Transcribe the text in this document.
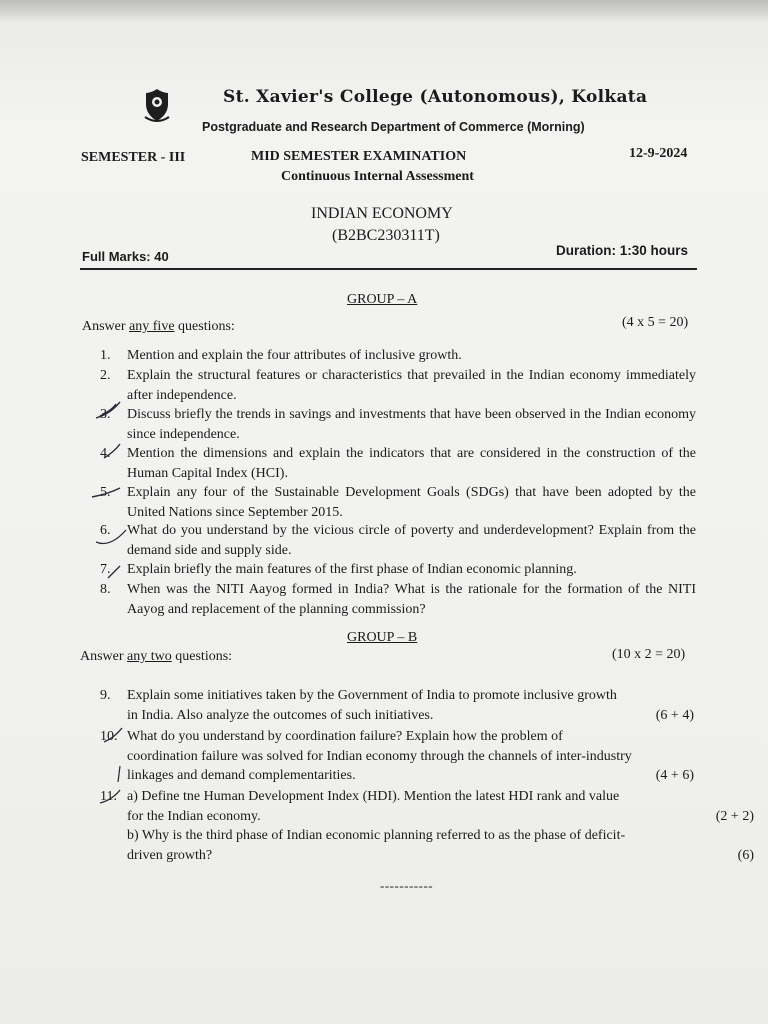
St. Xavier's College (Autonomous), Kolkata
Postgraduate and Research Department of Commerce (Morning)
SEMESTER - III	MID SEMESTER EXAMINATION	12-9-2024
Continuous Internal Assessment
INDIAN ECONOMY
(B2BC230311T)
Full Marks: 40	Duration: 1:30 hours
GROUP – A
Answer any five questions:	(4 x 5 = 20)
1.	Mention and explain the four attributes of inclusive growth.
2.	Explain the structural features or characteristics that prevailed in the Indian economy immediately after independence.
3.	Discuss briefly the trends in savings and investments that have been observed in the Indian economy since independence.
4.	Mention the dimensions and explain the indicators that are considered in the construction of the Human Capital Index (HCI).
5.	Explain any four of the Sustainable Development Goals (SDGs) that have been adopted by the United Nations since September 2015.
6.	What do you understand by the vicious circle of poverty and underdevelopment? Explain from the demand side and supply side.
7.	Explain briefly the main features of the first phase of Indian economic planning.
8.	When was the NITI Aayog formed in India? What is the rationale for the formation of the NITI Aayog and replacement of the planning commission?
GROUP – B
Answer any two questions:	(10 x 2 = 20)
9.	Explain some initiatives taken by the Government of India to promote inclusive growth in India. Also analyze the outcomes of such initiatives.	(6 + 4)
10. What do you understand by coordination failure? Explain how the problem of coordination failure was solved for Indian economy through the channels of inter-industry linkages and demand complementarities.	(4 + 6)
11. a) Define tne Human Development Index (HDI). Mention the latest HDI rank and value for the Indian economy.	(2 + 2)
b) Why is the third phase of Indian economic planning referred to as the phase of deficit-driven growth?	(6)
-----------
